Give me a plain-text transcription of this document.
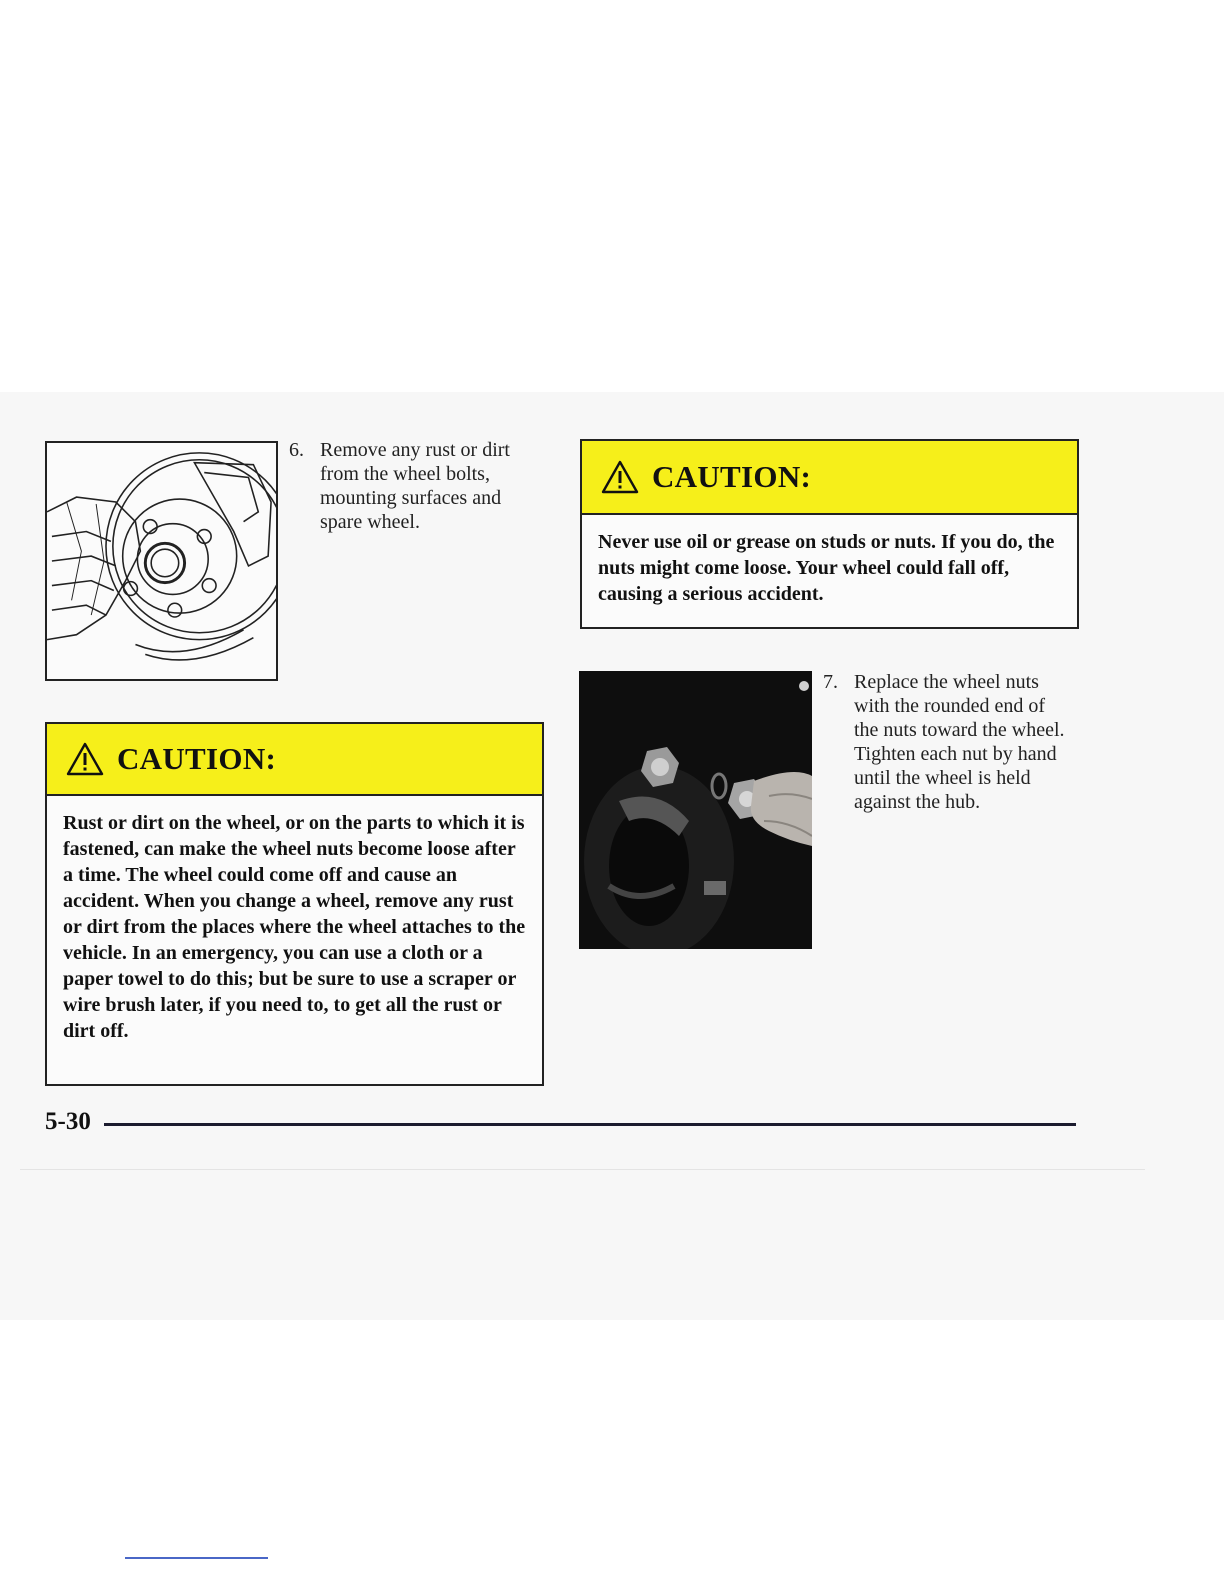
6. Remove any rust or dirt from the wheel bolts, mounting surfaces and spare wheel.
CAUTION:
Never use oil or grease on studs or nuts. If you do, the nuts might come loose. Your wheel could fall off, causing a serious accident.
CAUTION:
Rust or dirt on the wheel, or on the parts to which it is fastened, can make the wheel nuts become loose after a time. The wheel could come off and cause an accident. When you change a wheel, remove any rust or dirt from the places where the wheel attaches to the vehicle. In an emergency, you can use a cloth or a paper towel to do this; but be sure to use a scraper or wire brush later, if you need to, to get all the rust or dirt off.
7. Replace the wheel nuts with the rounded end of the nuts toward the wheel. Tighten each nut by hand until the wheel is held against the hub.
5-30
